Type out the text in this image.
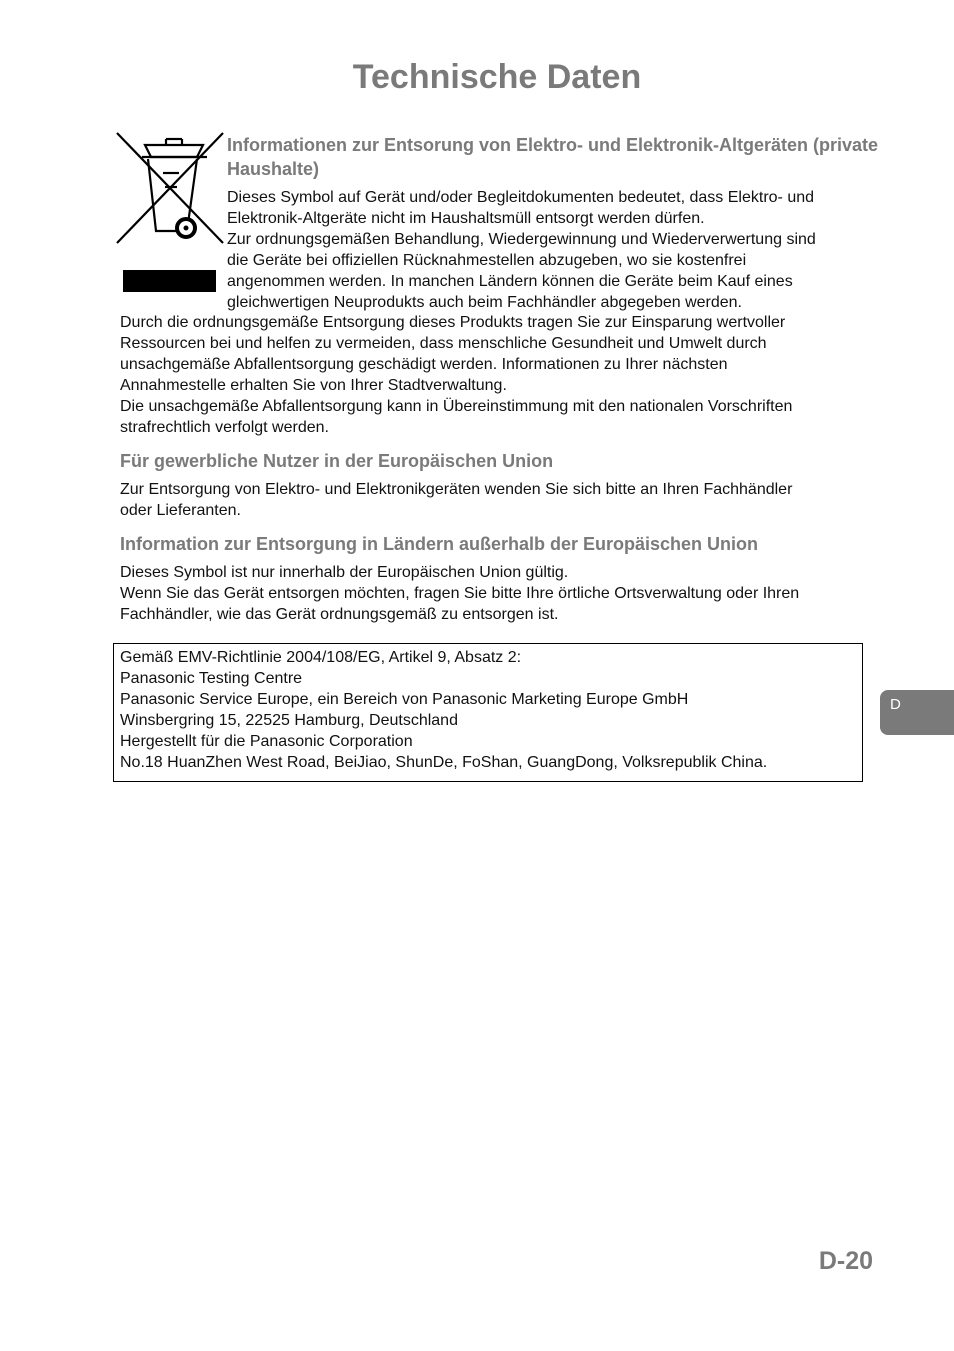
Technische Daten
Informationen zur Entsorung von Elektro- und Elektronik-Altgeräten (private Haushalte)
Dieses Symbol auf Gerät und/oder Begleitdokumenten bedeutet, dass Elektro- und
Elektronik-Altgeräte nicht im Haushaltsmüll entsorgt werden dürfen.
Zur ordnungsgemäßen Behandlung, Wiedergewinnung und Wiederverwertung sind
die Geräte bei offiziellen Rücknahmestellen abzugeben, wo sie kostenfrei
angenommen werden. In manchen Ländern können die Geräte beim Kauf eines
gleichwertigen Neuprodukts auch beim Fachhändler abgegeben werden.
Durch die ordnungsgemäße Entsorgung dieses Produkts tragen Sie zur Einsparung wertvoller
Ressourcen bei und helfen zu vermeiden, dass menschliche Gesundheit und Umwelt durch
unsachgemäße Abfallentsorgung geschädigt werden. Informationen zu Ihrer nächsten
Annahmestelle erhalten Sie von Ihrer Stadtverwaltung.
Die unsachgemäße Abfallentsorgung kann in Übereinstimmung mit den nationalen Vorschriften
strafrechtlich verfolgt werden.
Für gewerbliche Nutzer in der Europäischen Union
Zur Entsorgung von Elektro- und Elektronikgeräten wenden Sie sich bitte an Ihren Fachhändler
oder Lieferanten.
Information zur Entsorgung in Ländern außerhalb der Europäischen Union
Dieses Symbol ist nur innerhalb der Europäischen Union gültig.
Wenn Sie das Gerät entsorgen möchten, fragen Sie bitte Ihre örtliche Ortsverwaltung oder Ihren
Fachhändler, wie das Gerät ordnungsgemäß zu entsorgen ist.
Gemäß EMV-Richtlinie 2004/108/EG, Artikel 9, Absatz 2:
Panasonic Testing Centre
Panasonic Service Europe, ein Bereich von Panasonic Marketing Europe GmbH
Winsbergring 15, 22525 Hamburg, Deutschland
Hergestellt für die Panasonic Corporation
No.18 HuanZhen West Road, BeiJiao, ShunDe, FoShan, GuangDong, Volksrepublik China.
D

D-20
